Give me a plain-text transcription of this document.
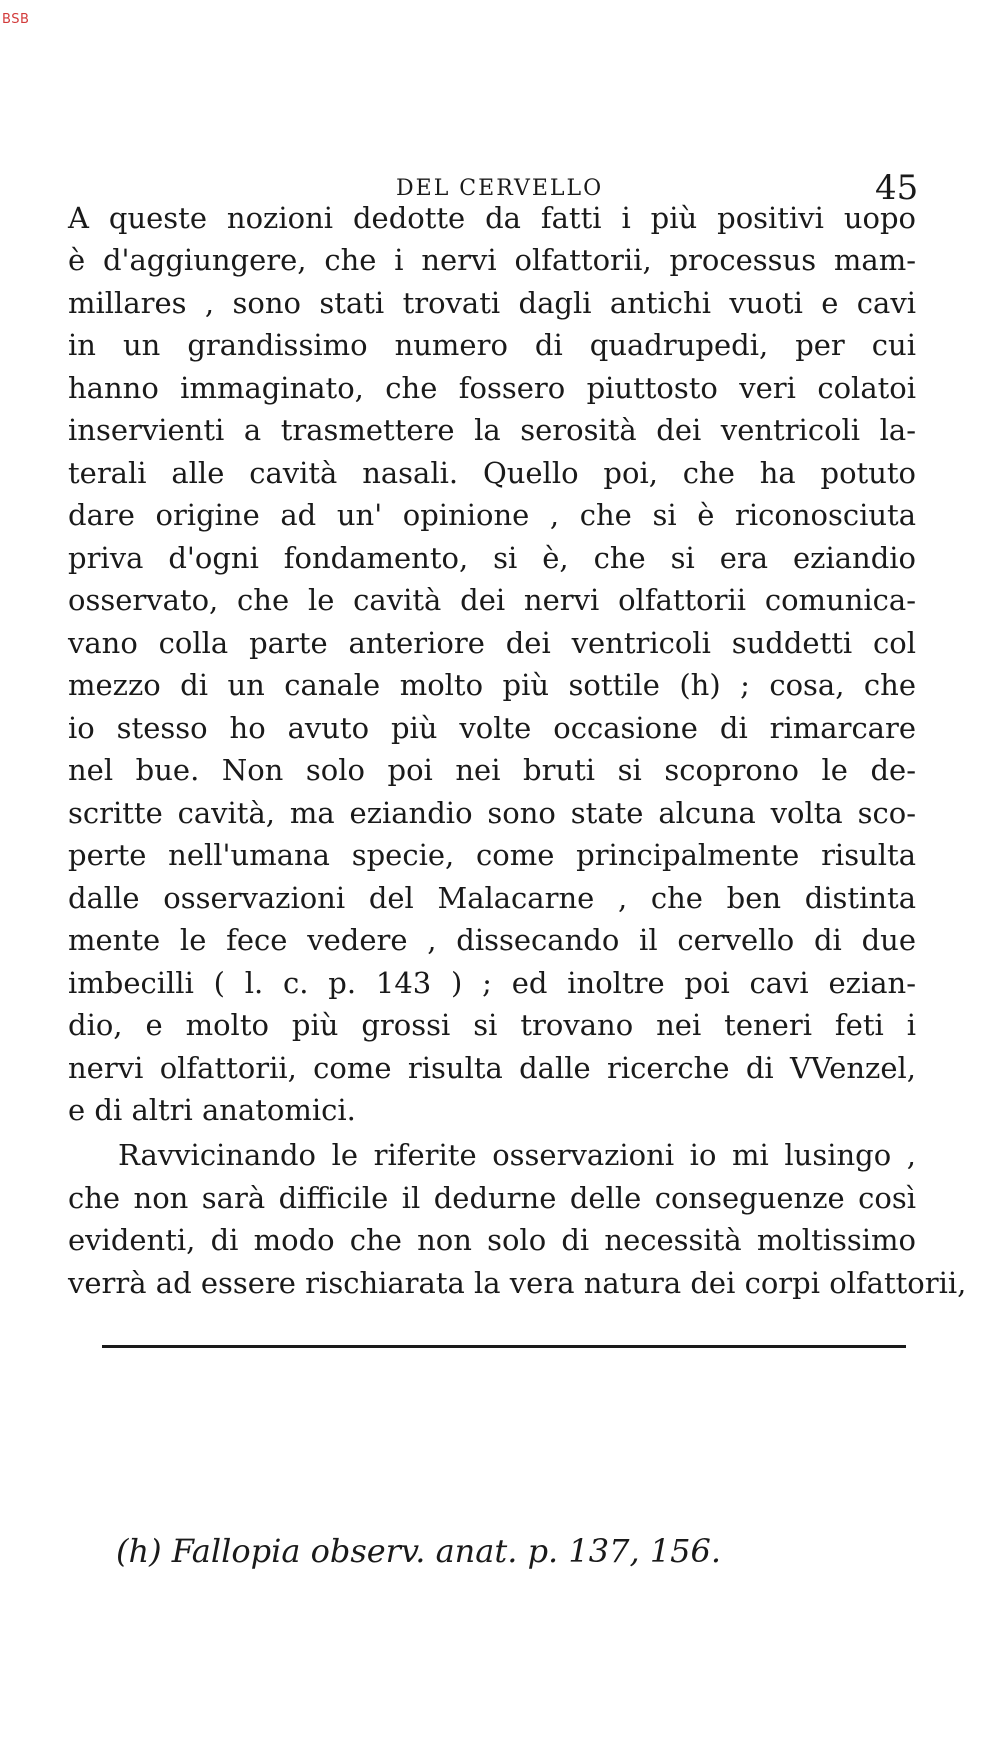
BSB
DEL CERVELLO	45
A queste nozioni dedotte da fatti i più positivi uopo
è d'aggiungere, che i nervi olfattorii, processus mam-
millares , sono stati trovati dagli antichi vuoti e cavi
in un grandissimo numero di quadrupedi, per cui
hanno immaginato, che fossero piuttosto veri colatoi
inservienti a trasmettere la serosità dei ventricoli la-
terali alle cavità nasali. Quello poi, che ha potuto
dare origine ad un' opinione , che si è riconosciuta
priva d'ogni fondamento, si è, che si era eziandio
osservato, che le cavità dei nervi olfattorii comunica-
vano colla parte anteriore dei ventricoli suddetti col
mezzo di un canale molto più sottile (h) ; cosa, che
io stesso ho avuto più volte occasione di rimarcare
nel bue. Non solo poi nei bruti si scoprono le de-
scritte cavità, ma eziandio sono state alcuna volta sco-
perte nell'umana specie, come principalmente risulta
dalle osservazioni del Malacarne , che ben distinta
mente le fece vedere , dissecando il cervello di due
imbecilli ( l. c. p. 143 ) ; ed inoltre poi cavi ezian-
dio, e molto più grossi si trovano nei teneri feti i
nervi olfattorii, come risulta dalle ricerche di VVenzel,
e di altri anatomici.
Ravvicinando le riferite osservazioni io mi lusingo ,
che non sarà difficile il dedurne delle conseguenze così
evidenti, di modo che non solo di necessità moltissimo
verrà ad essere rischiarata la vera natura dei corpi olfattorii,
(h) Fallopia observ. anat. p. 137, 156.
